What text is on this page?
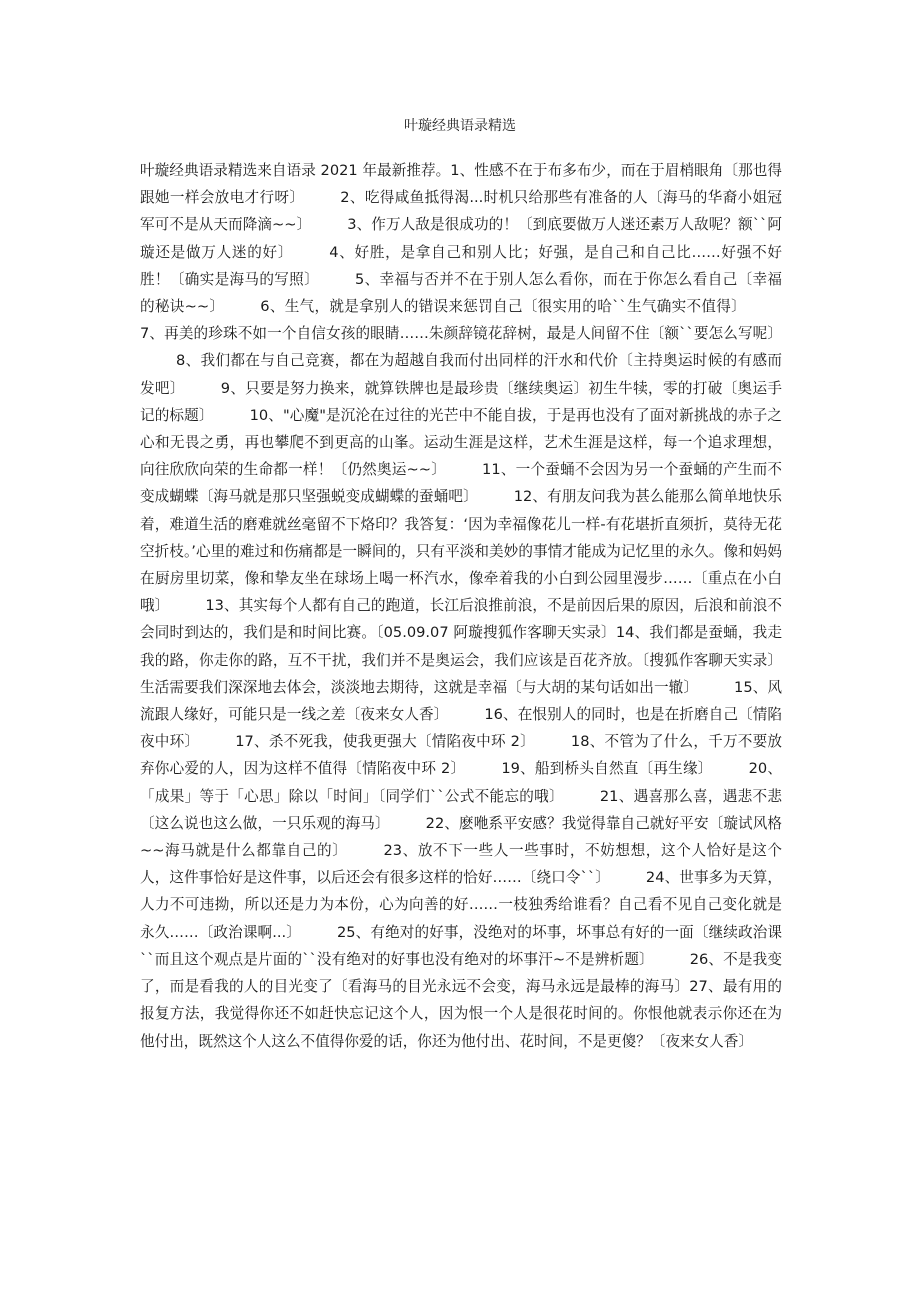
叶璇经典语录精选
叶璇经典语录精选来自语录 2021 年最新推荐。1、性感不在于布多布少，而在于眉梢眼角〔那也得跟她一样会放电才行呀〕 2、吃得咸鱼抵得渴...时机只给那些有准备的人〔海马的华裔小姐冠军可不是从天而降滴~~〕 3、作万人敌是很成功的！〔到底要做万人迷还素万人敌呢？额``阿璇还是做万人迷的好〕 4、好胜，是拿自己和别人比；好强，是自己和自己比……好强不好胜！〔确实是海马的写照〕 5、幸福与否并不在于别人怎么看你，而在于你怎么看自己〔幸福的秘诀~~〕 6、生气，就是拿别人的错误来惩罚自己〔很实用的哈``生气确实不值得〕7、再美的珍珠不如一个自信女孩的眼睛……朱颜辞镜花辞树，最是人间留不住〔额``要怎么写呢〕8、我们都在与自己竞赛，都在为超越自我而付出同样的汗水和代价〔主持奥运时候的有感而发吧〕 9、只要是努力换来，就算铁牌也是最珍贵〔继续奥运〕初生牛犊，零的打破〔奥运手记的标题〕 10、"心魔"是沉沦在过往的光芒中不能自拔，于是再也没有了面对新挑战的赤子之心和无畏之勇，再也攀爬不到更高的山峯。运动生涯是这样，艺术生涯是这样，每一个追求理想，向往欣欣向荣的生命都一样！〔仍然奥运~~〕 11、一个蚕蛹不会因为另一个蚕蛹的产生而不变成蝴蝶〔海马就是那只坚强蜕变成蝴蝶的蚕蛹吧〕 12、有朋友问我为甚么能那么简单地快乐着，难道生活的磨难就丝毫留不下烙印？我答复：‘因为幸福像花儿一样-有花堪折直须折，莫待无花空折枝。’心里的难过和伤痛都是一瞬间的，只有平淡和美妙的事情才能成为记忆里的永久。像和妈妈在厨房里切菜，像和挚友坐在球场上喝一杯汽水，像牵着我的小白到公园里漫步……〔重点在小白哦〕 13、其实每个人都有自己的跑道，长江后浪推前浪，不是前因后果的原因，后浪和前浪不会同时到达的，我们是和时间比赛。〔05.09.07 阿璇搜狐作客聊天实录〕14、我们都是蚕蛹，我走我的路，你走你的路，互不干扰，我们并不是奥运会，我们应该是百花齐放。〔搜狐作客聊天实录〕生活需要我们深深地去体会，淡淡地去期待，这就是幸福〔与大胡的某句话如出一辙〕 15、风流跟人缘好，可能只是一线之差〔夜来女人香〕 16、在恨别人的同时，也是在折磨自己〔情陷夜中环〕 17、杀不死我，使我更强大〔情陷夜中环 2〕 18、不管为了什么，千万不要放弃你心爱的人，因为这样不值得〔情陷夜中环 2〕 19、船到桥头自然直〔再生缘〕 20、「成果」等于「心思」除以「时间」〔同学们``公式不能忘的哦〕 21、遇喜那么喜，遇悲不悲〔这么说也这么做，一只乐观的海马〕 22、麽咃系平安感？我觉得靠自己就好平安〔璇试风格~~海马就是什么都靠自己的〕 23、放不下一些人一些事时，不妨想想，这个人恰好是这个人，这件事恰好是这件事，以后还会有很多这样的恰好……〔绕口令``〕 24、世事多为天算，人力不可违拗，所以还是力为本份，心为向善的好……一枝独秀给谁看？自己看不见自己变化就是永久……〔政治课啊...〕 25、有绝对的好事，没绝对的坏事，坏事总有好的一面〔继续政治课``而且这个观点是片面的``没有绝对的好事也没有绝对的坏事汗~不是辨析题〕 26、不是我变了，而是看我的人的目光变了〔看海马的目光永远不会变，海马永远是最棒的海马〕27、最有用的报复方法，我觉得你还不如赶快忘记这个人，因为恨一个人是很花时间的。你恨他就表示你还在为他付出，既然这个人这么不值得你爱的话，你还为他付出、花时间，不是更傻？〔夜来女人香〕
